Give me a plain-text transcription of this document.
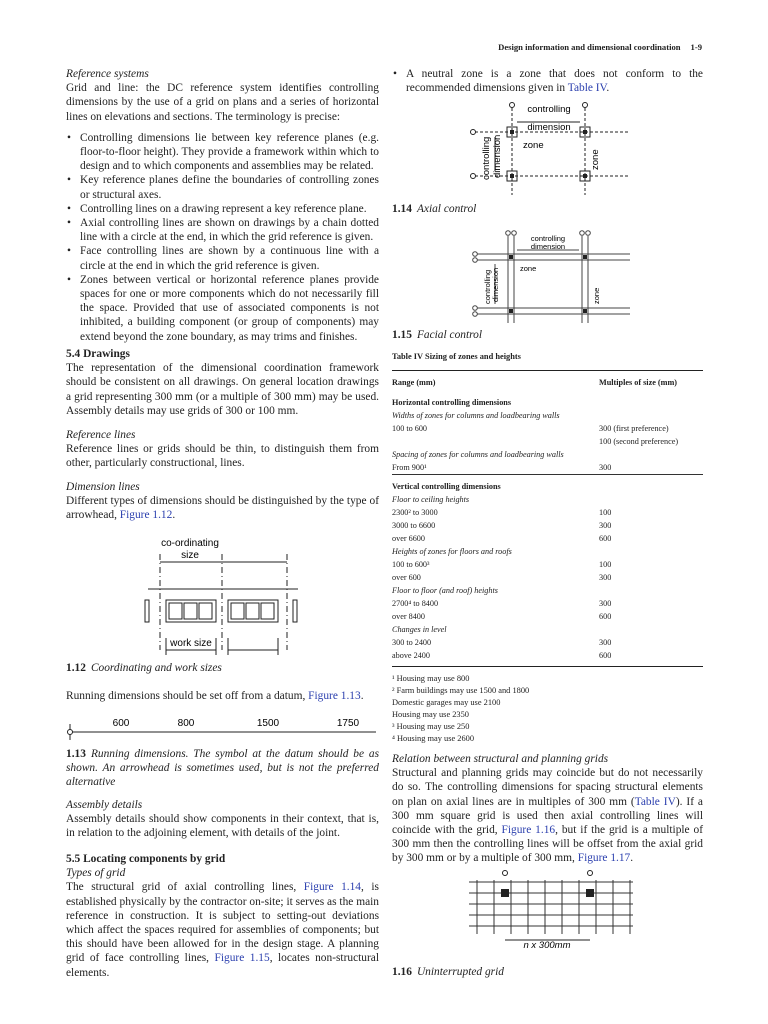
Design information and dimensional coordination 1-9
Reference systems
Grid and line: the DC reference system identifies controlling dimensions by the use of a grid on plans and a series of horizontal lines on elevations and sections. The terminology is precise:
• Controlling dimensions lie between key reference planes (e.g. floor-to-floor height). They provide a framework within which to design and to which components and assemblies may be related.
• Key reference planes define the boundaries of controlling zones or structural axes.
• Controlling lines on a drawing represent a key reference plane.
• Axial controlling lines are shown on drawings by a chain dotted line with a circle at the end, in which the grid reference is given.
• Face controlling lines are shown by a continuous line with a circle at the end in which the grid reference is given.
• Zones between vertical or horizontal reference planes provide spaces for one or more components which do not necessarily fill the space. Provided that use of associated components is not inhibited, a building component (or group of components) may extend beyond the zone boundary, as may trims and finishes.
5.4 Drawings
The representation of the dimensional coordination framework should be consistent on all drawings. On general location drawings a grid representing 300 mm (or a multiple of 300 mm) may be used. Assembly details may use grids of 300 or 100 mm.
Reference lines
Reference lines or grids should be thin, to distinguish them from other, particularly constructional, lines.
Dimension lines
Different types of dimensions should be distinguished by the type of arrowhead, Figure 1.12.
co-ordinating
size
work size
1.12 Coordinating and work sizes
Running dimensions should be set off from a datum, Figure 1.13.
600	800	1500	1750
1.13 Running dimensions. The symbol at the datum should be as shown. An arrowhead is sometimes used, but is not the preferred alternative
Assembly details
Assembly details should show components in their context, that is, in relation to the adjoining element, with details of the joint.
5.5 Locating components by grid
Types of grid
The structural grid of axial controlling lines, Figure 1.14, is established physically by the contractor on-site; it serves as the main reference in construction. It is subject to setting-out deviations which affect the spaces required for assemblies of components; but this should have been allowed for in the design stage. A planning grid of face controlling lines, Figure 1.15, locates non-structural elements.
• A neutral zone is a zone that does not conform to the recommended dimensions given in Table IV.
controlling
dimension
zone
controlling dimension	zone
1.14 Axial control
controlling
dimension
zone
controlling dimension	zone
1.15 Facial control
Table IV Sizing of zones and heights
Range (mm)	Multiples of size (mm)
Horizontal controlling dimensions	
Widths of zones for columns and loadbearing walls	
100 to 600	300 (first preference)
	100 (second preference)
Spacing of zones for columns and loadbearing walls	
From 900¹	300
Vertical controlling dimensions	
Floor to ceiling heights	
2300² to 3000	100
3000 to 6600	300
over 6600	600
Heights of zones for floors and roofs	
100 to 600³	100
over 600	300
Floor to floor (and roof) heights	
2700⁴ to 8400	300
over 8400	600
Changes in level	
300 to 2400	300
above 2400	600
¹ Housing may use 800
² Farm buildings may use 1500 and 1800
Domestic garages may use 2100
Housing may use 2350
³ Housing may use 250
⁴ Housing may use 2600
Relation between structural and planning grids
Structural and planning grids may coincide but do not necessarily do so. The controlling dimensions for spacing structural elements on plan on axial lines are in multiples of 300 mm (Table IV). If a 300 mm square grid is used then axial controlling lines will coincide with the grid, Figure 1.16, but if the grid is a multiple of 300 mm then the controlling lines will be offset from the axial grid by 300 mm or by a multiple of 300 mm, Figure 1.17.
n x 300mm
1.16 Uninterrupted grid
